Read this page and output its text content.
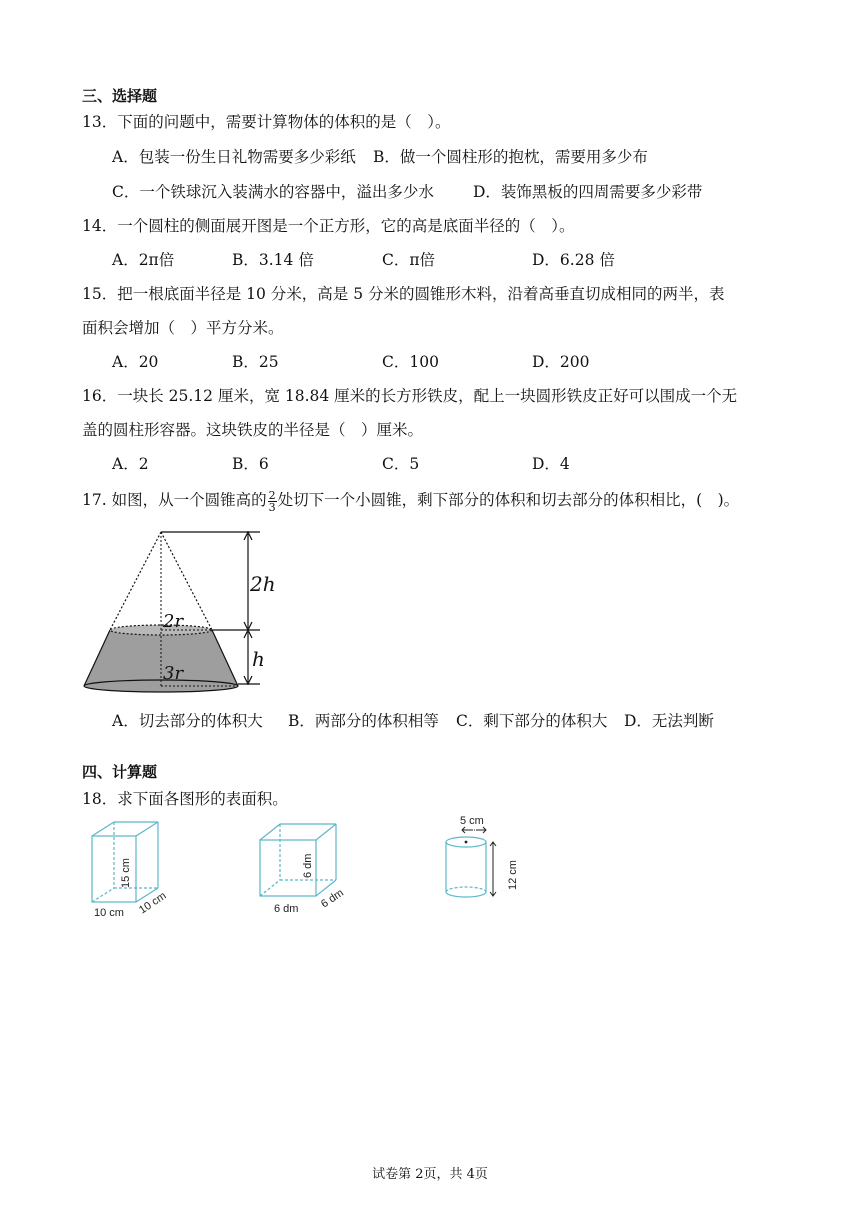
三、选择题
13．下面的问题中，需要计算物体的体积的是（　）。
A．包装一份生日礼物需要多少彩纸 B．做一个圆柱形的抱枕，需要用多少布
C．一个铁球沉入装满水的容器中，溢出多少水	D．装饰黑板的四周需要多少彩带
14．一个圆柱的侧面展开图是一个正方形，它的高是底面半径的（　）。
A．2π倍	B．3.14 倍	C．π倍	D．6.28 倍
15．把一根底面半径是 10 分米，高是 5 分米的圆锥形木料，沿着高垂直切成相同的两半，表
面积会增加（　）平方分米。
A．20	B．25	C．100	D．200
16．一块长 25.12 厘米，宽 18.84 厘米的长方形铁皮，配上一块圆形铁皮正好可以围成一个无
盖的圆柱形容器。这块铁皮的半径是（　）厘米。
A．2	B．6	C．5	D．4
17. 如图，从一个圆锥高的 $\frac{2}{3}$ 处切下一个小圆锥，剩下部分的体积和切去部分的体积相比，(　)。
2h
h
2r
3r
A．切去部分的体积大 B．两部分的体积相等 C．剩下部分的体积大 D．无法判断
四、计算题
18．求下面各图形的表面积。
15 cm
10 cm 10 cm
6 dm
6 dm 6 dm
5 cm
12 cm
试卷第 2页，共 4页
